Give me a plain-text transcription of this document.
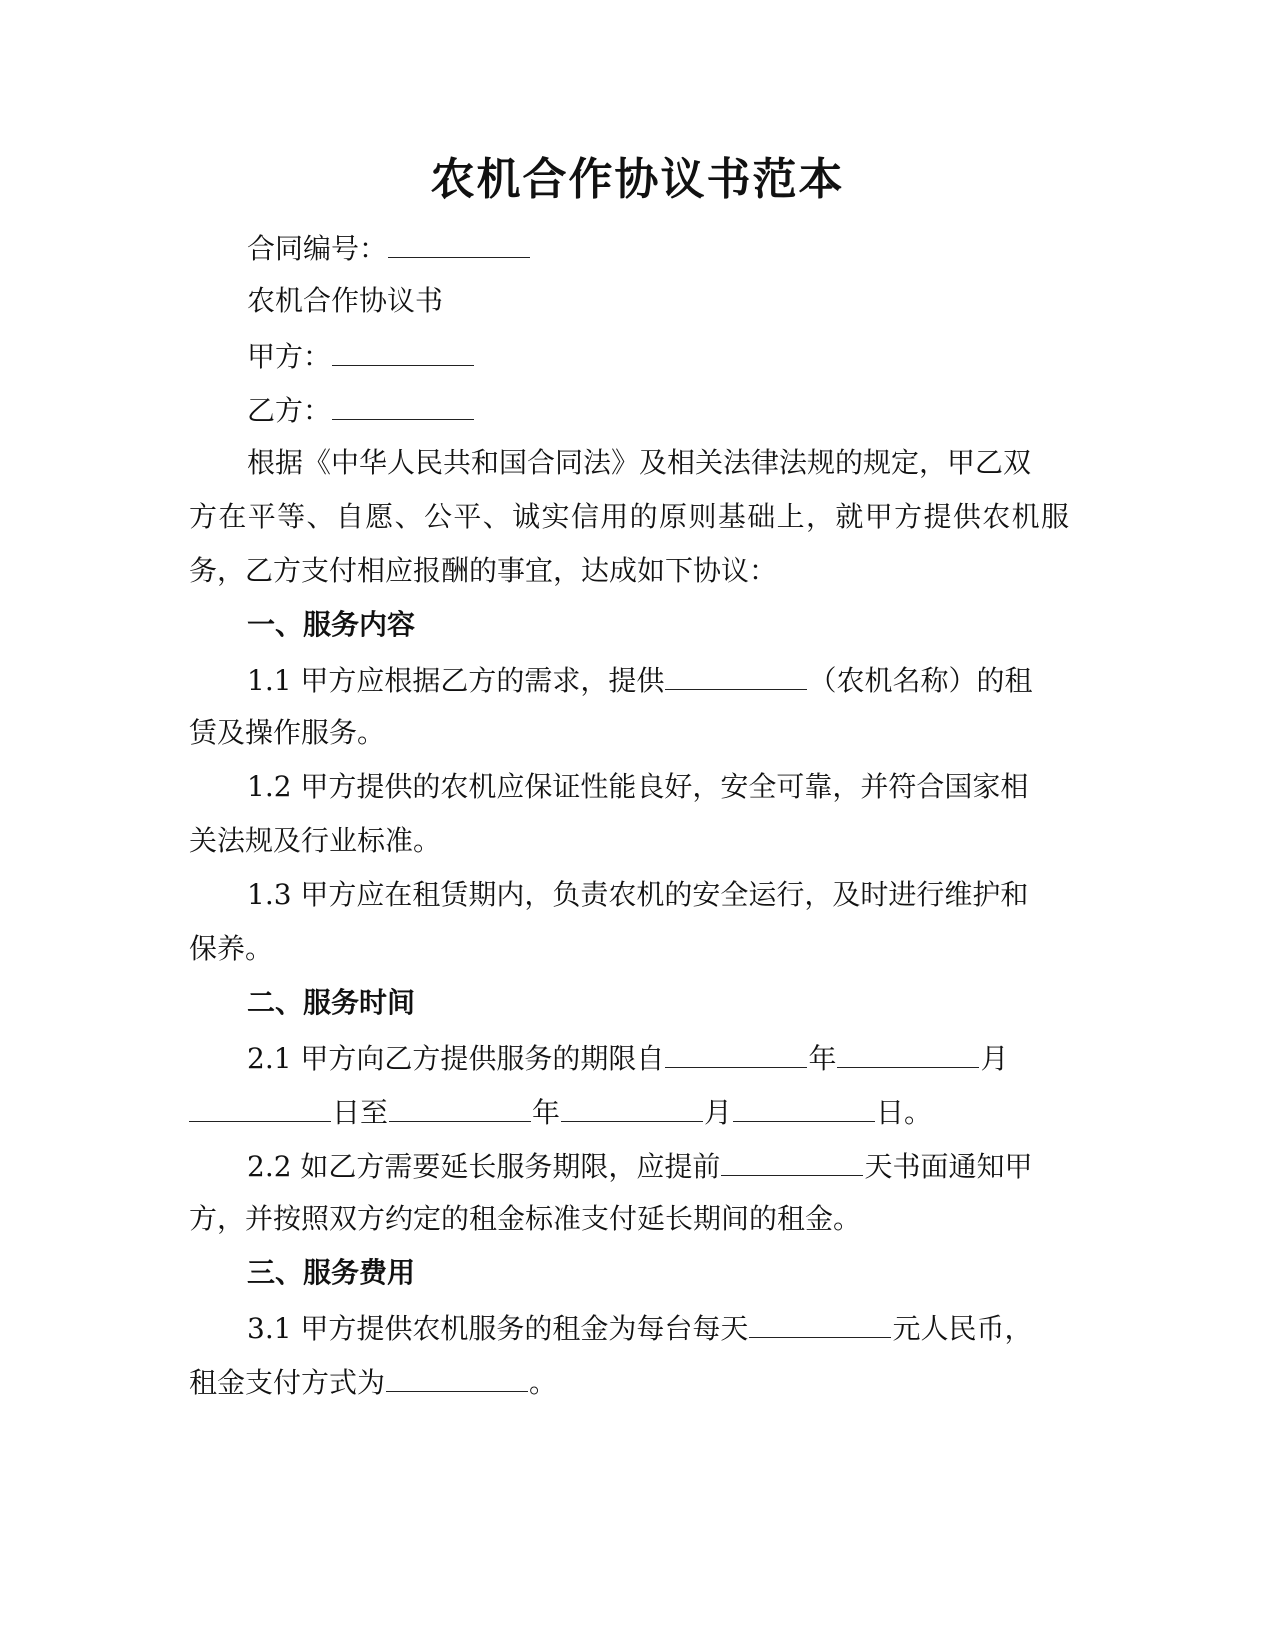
农机合作协议书范本
合同编号：
农机合作协议书
甲方：
乙方：
根据《中华人民共和国合同法》及相关法律法规的规定，甲乙双
方在平等、自愿、公平、诚实信用的原则基础上，就甲方提供农机服
务，乙方支付相应报酬的事宜，达成如下协议：
一、服务内容
1.1 甲方应根据乙方的需求，提供	（农机名称）的租
赁及操作服务。
1.2 甲方提供的农机应保证性能良好，安全可靠，并符合国家相
关法规及行业标准。
1.3 甲方应在租赁期内，负责农机的安全运行，及时进行维护和
保养。
二、服务时间
2.1 甲方向乙方提供服务的期限自	年	月
日至	年	月	日。
2.2 如乙方需要延长服务期限，应提前	天书面通知甲
方，并按照双方约定的租金标准支付延长期间的租金。
三、服务费用
3.1 甲方提供农机服务的租金为每台每天	元人民币，
租金支付方式为	。
